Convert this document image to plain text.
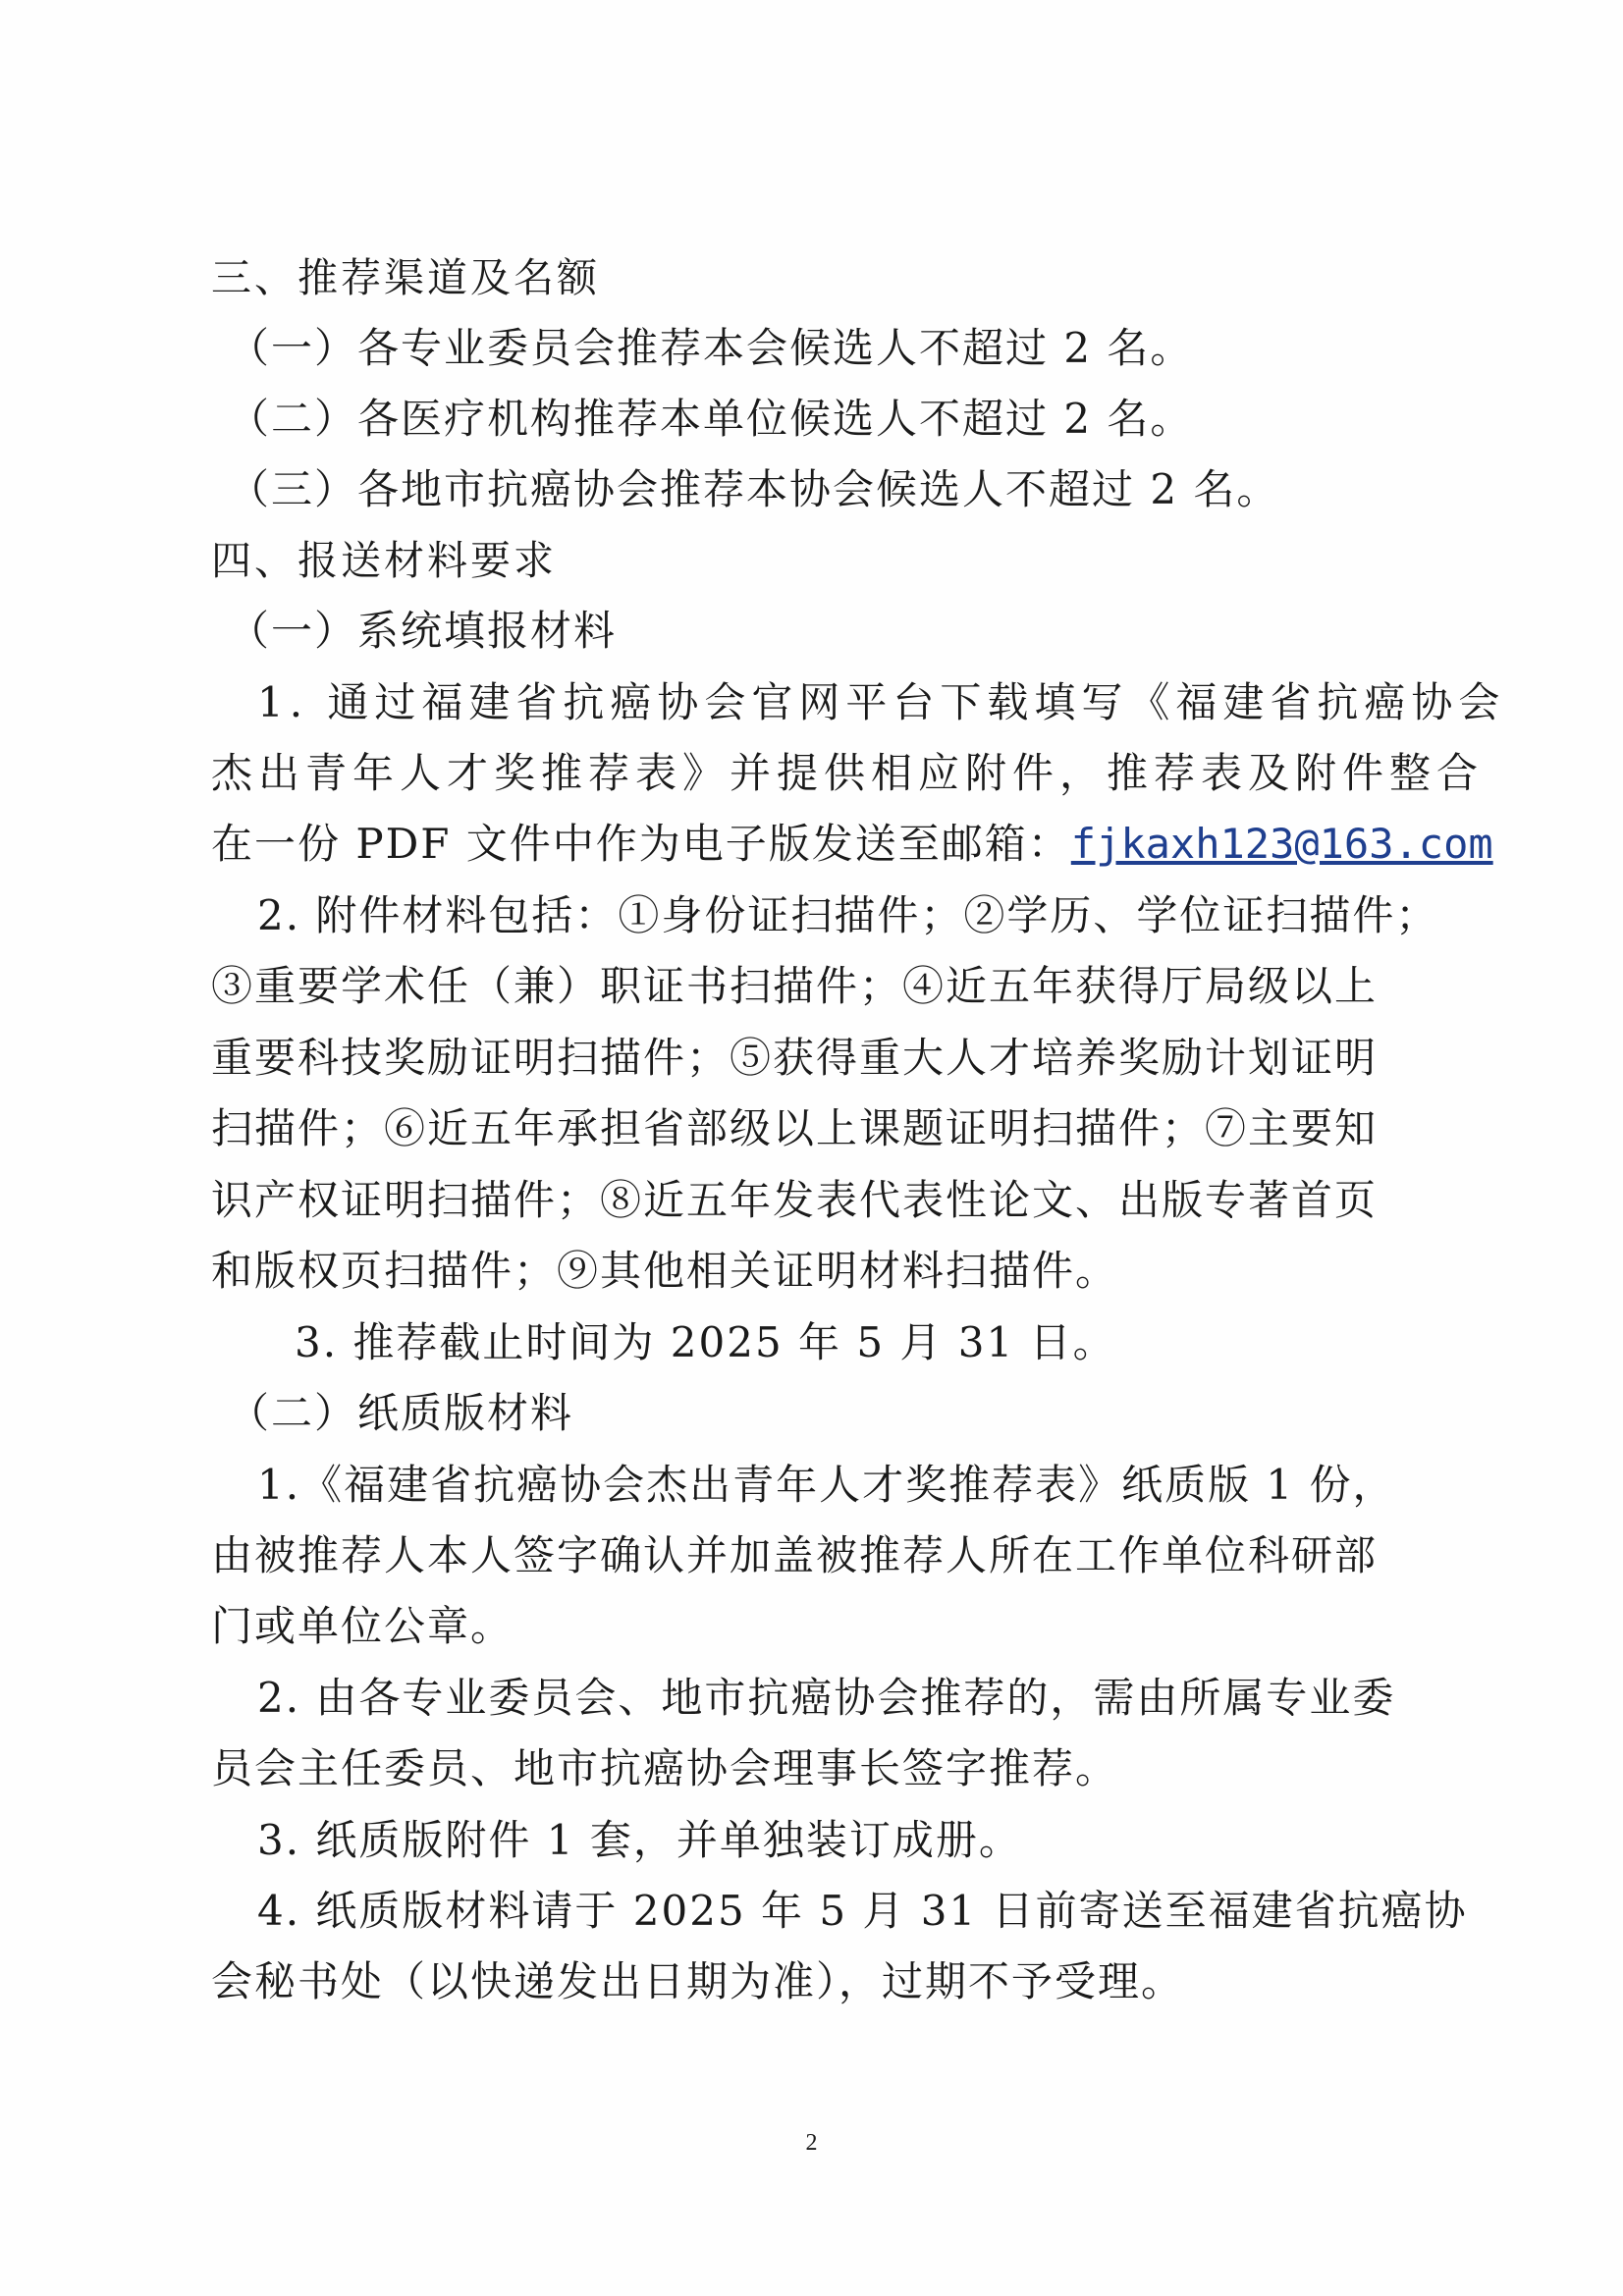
三、推荐渠道及名额
（一）各专业委员会推荐本会候选人不超过 2 名。
（二）各医疗机构推荐本单位候选人不超过 2 名。
（三）各地市抗癌协会推荐本协会候选人不超过 2 名。
四、报送材料要求
（一）系统填报材料
1. 通过福建省抗癌协会官网平台下载填写《福建省抗癌协会
杰出青年人才奖推荐表》并提供相应附件，推荐表及附件整合
在一份 PDF 文件中作为电子版发送至邮箱：fjkaxh123@163.com
2. 附件材料包括：①身份证扫描件；②学历、学位证扫描件；
③重要学术任（兼）职证书扫描件；④近五年获得厅局级以上
重要科技奖励证明扫描件；⑤获得重大人才培养奖励计划证明
扫描件；⑥近五年承担省部级以上课题证明扫描件；⑦主要知
识产权证明扫描件；⑧近五年发表代表性论文、出版专著首页
和版权页扫描件；⑨其他相关证明材料扫描件。
3. 推荐截止时间为 2025 年 5 月 31 日。
（二）纸质版材料
1.《福建省抗癌协会杰出青年人才奖推荐表》纸质版 1 份，
由被推荐人本人签字确认并加盖被推荐人所在工作单位科研部
门或单位公章。
2. 由各专业委员会、地市抗癌协会推荐的，需由所属专业委
员会主任委员、地市抗癌协会理事长签字推荐。
3. 纸质版附件 1 套，并单独装订成册。
4. 纸质版材料请于 2025 年 5 月 31 日前寄送至福建省抗癌协
会秘书处（以快递发出日期为准），过期不予受理。
2
